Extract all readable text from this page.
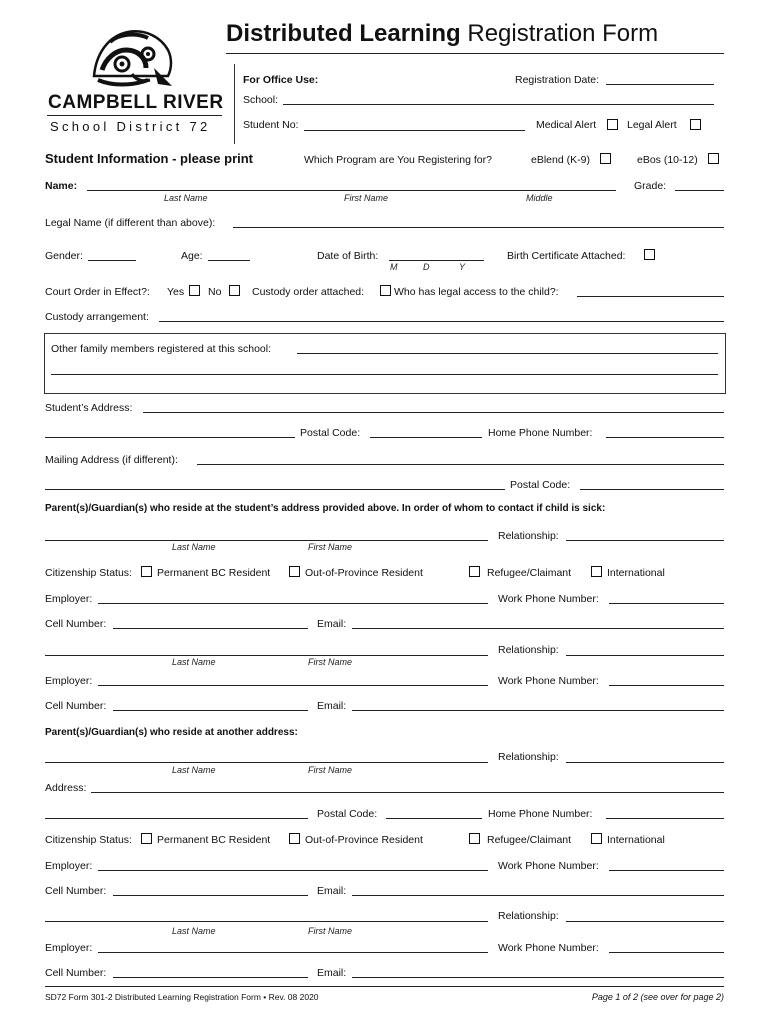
CAMPBELL RIVER
School District 72
Distributed Learning Registration Form
For Office Use:	Registration Date:
School:
Student No:	Medical Alert	Legal Alert
Student Information - please print	Which Program are You Registering for?	eBlend (K-9)	eBos (10-12)
Name:	Grade:
Last Name	First Name	Middle
Legal Name (if different than above):
Gender:	Age:	Date of Birth:
M	D	Y
Birth Certificate Attached:
Court Order in Effect?: Yes No	Custody order attached:	Who has legal access to the child?:
Custody arrangement:
Other family members registered at this school:
Student’s Address:
Postal Code:	Home Phone Number:
Mailing Address (if different):
Postal Code:
Parent(s)/Guardian(s) who reside at the student’s address provided above. In order of whom to contact if child is sick:
Relationship:
Last Name	First Name
Citizenship Status: Permanent BC Resident	Out-of-Province Resident	Refugee/Claimant	International
Employer:	Work Phone Number:
Cell Number:	Email:
Relationship:
Last Name	First Name
Employer:	Work Phone Number:
Cell Number:	Email:
Parent(s)/Guardian(s) who reside at another address:
Relationship:
Last Name	First Name
Address:
Postal Code:	Home Phone Number:
Citizenship Status: Permanent BC Resident	Out-of-Province Resident	Refugee/Claimant	International
Employer:	Work Phone Number:
Cell Number:	Email:
Relationship:
Last Name	First Name
Employer:	Work Phone Number:
Cell Number:	Email:
SD72 Form 301-2 Distributed Learning Registration Form • Rev. 08 2020	Page 1 of 2 (see over for page 2)
